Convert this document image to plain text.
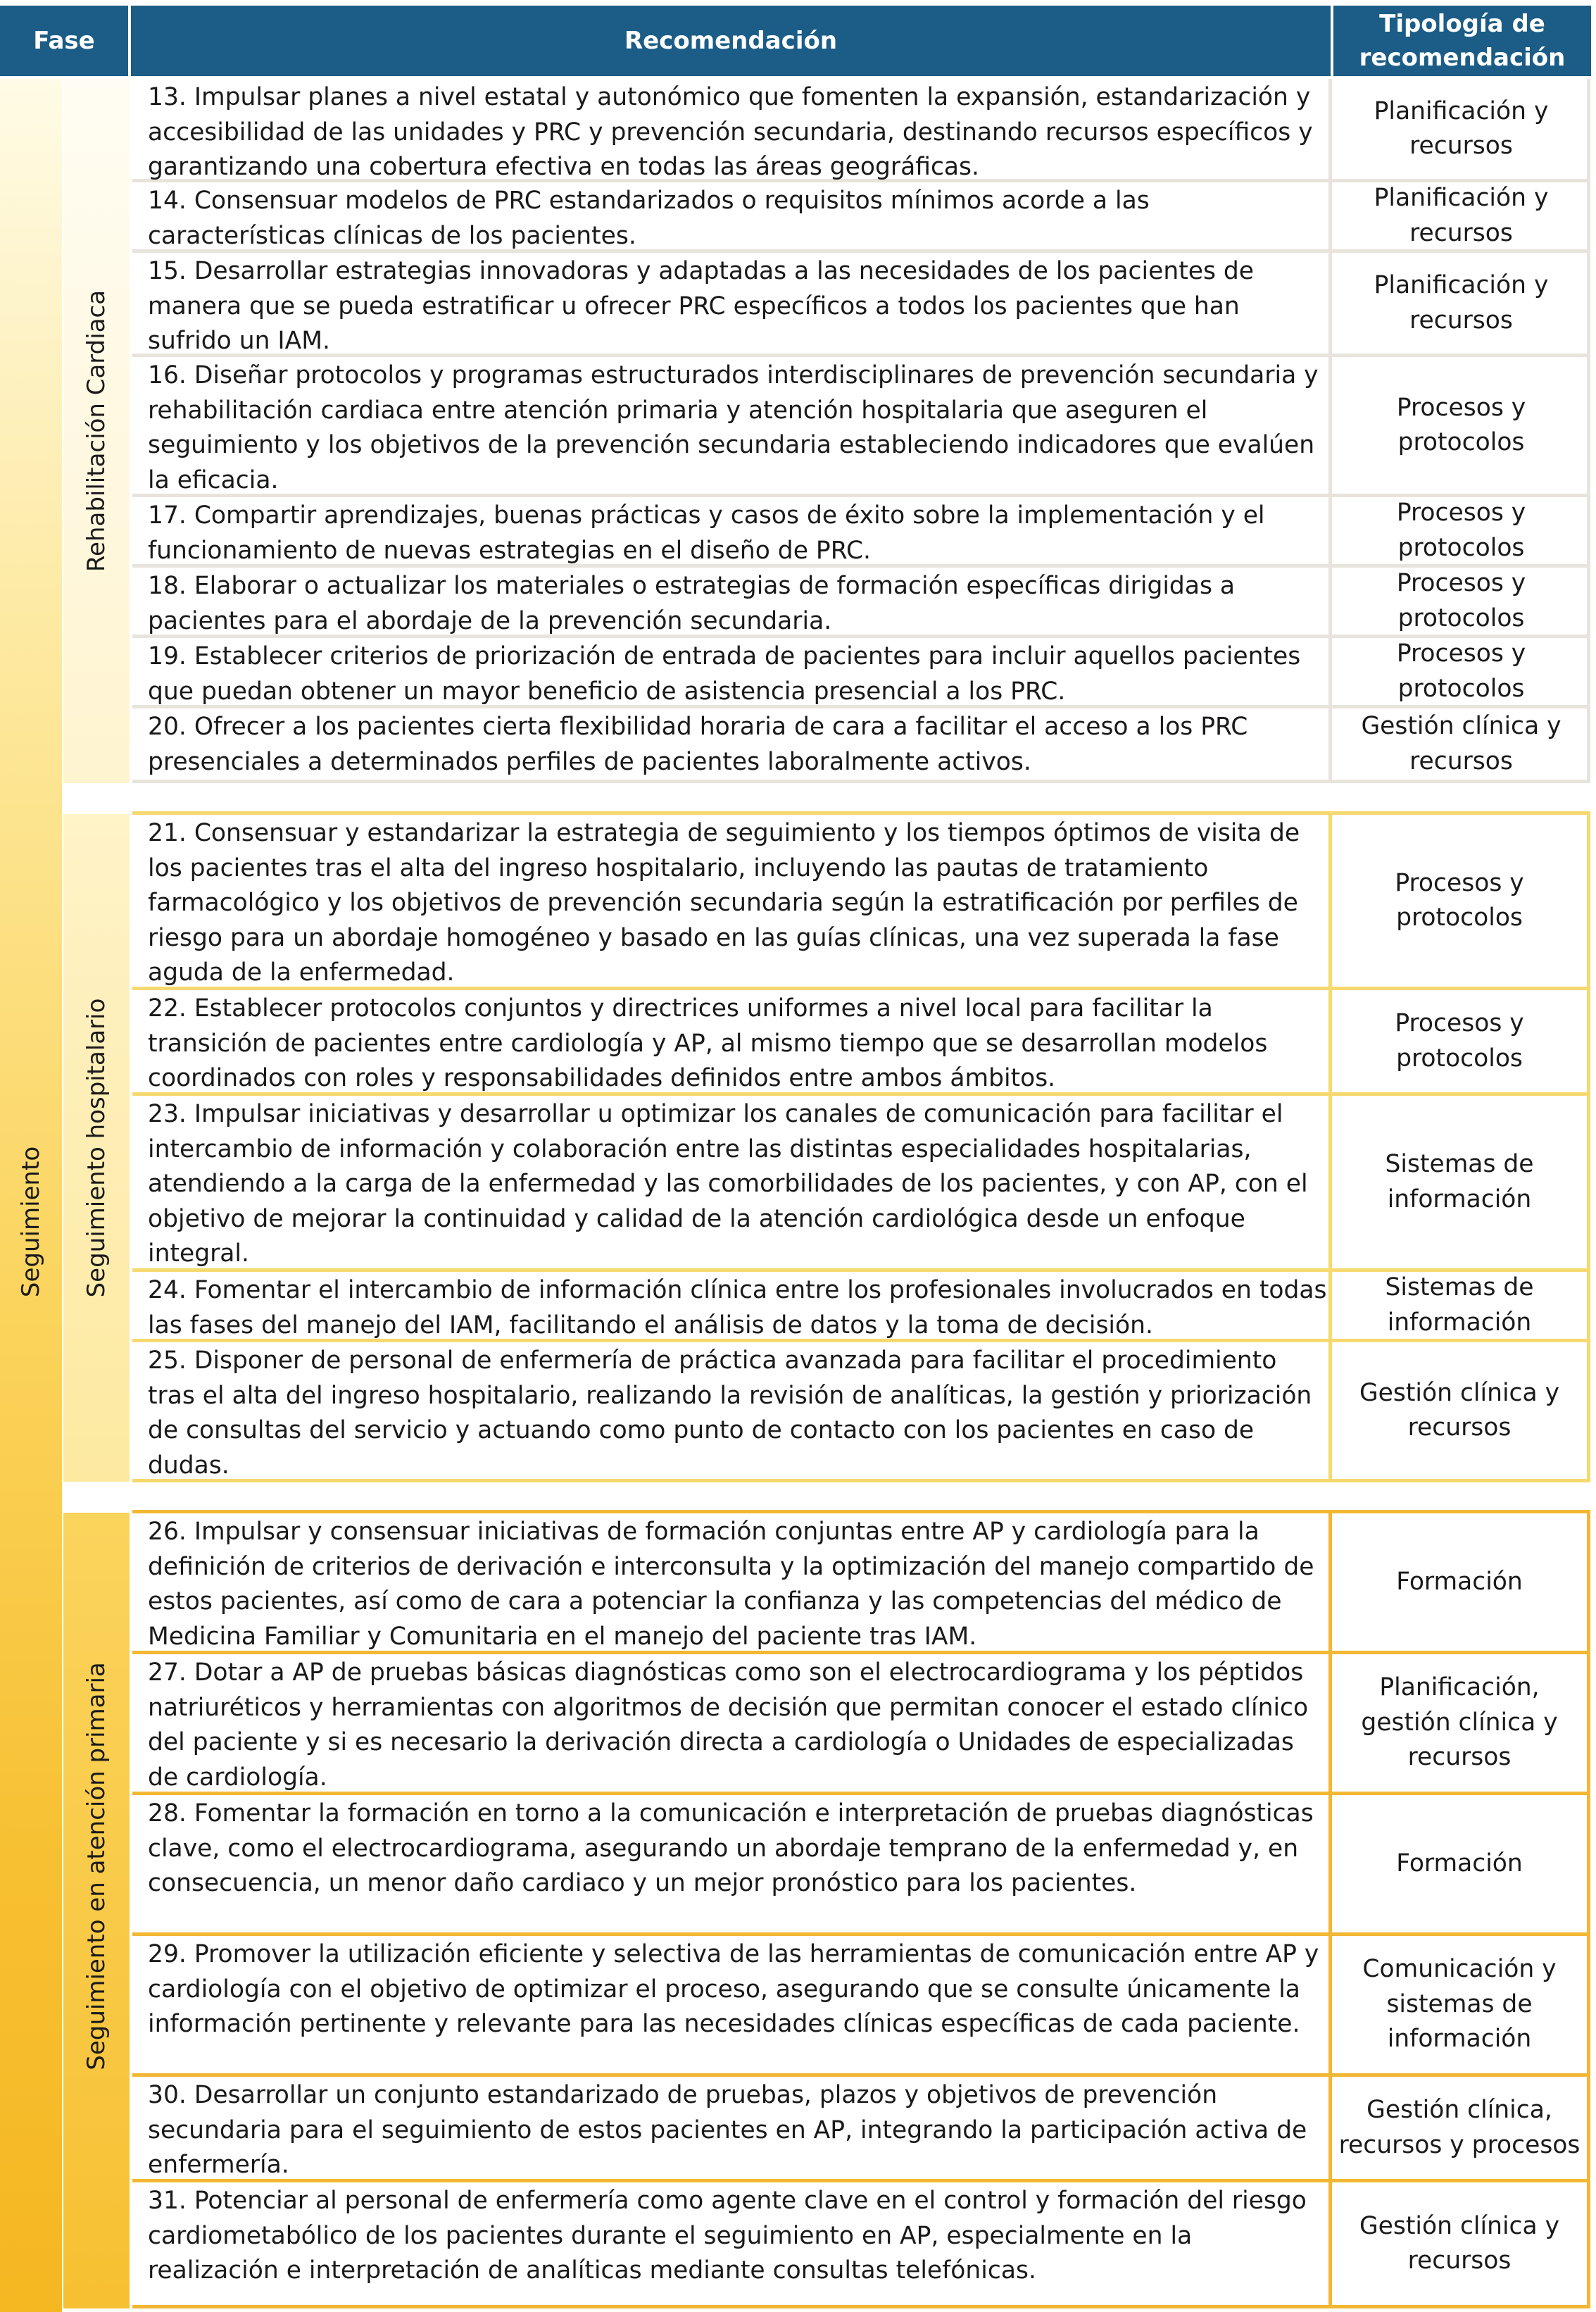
Fase	Recomendación
Tipología de recomendación
Seguimiento
Rehabilitación Cardiaca
Seguimiento hospitalario
Seguimiento en atención primaria
13. Impulsar planes a nivel estatal y autonómico que fomenten la expansión, estandarización y accesibilidad de las unidades y PRC y prevención secundaria, destinando recursos específicos y garantizando una cobertura efectiva en todas las áreas geográficas.
Planificación y recursos
14. Consensuar modelos de PRC estandarizados o requisitos mínimos acorde a las características clínicas de los pacientes.
Planificación y recursos
15. Desarrollar estrategias innovadoras y adaptadas a las necesidades de los pacientes de manera que se pueda estratificar u ofrecer PRC específicos a todos los pacientes que han sufrido un IAM.
Planificación y recursos
16. Diseñar protocolos y programas estructurados interdisciplinares de prevención secundaria y rehabilitación cardiaca entre atención primaria y atención hospitalaria que aseguren el seguimiento y los objetivos de la prevención secundaria estableciendo indicadores que evalúen la eficacia.
Procesos y protocolos
17. Compartir aprendizajes, buenas prácticas y casos de éxito sobre la implementación y el funcionamiento de nuevas estrategias en el diseño de PRC.
Procesos y protocolos
18. Elaborar o actualizar los materiales o estrategias de formación específicas dirigidas a pacientes para el abordaje de la prevención secundaria.
Procesos y protocolos
19. Establecer criterios de priorización de entrada de pacientes para incluir aquellos pacientes que puedan obtener un mayor beneficio de asistencia presencial a los PRC.
Procesos y protocolos
20. Ofrecer a los pacientes cierta flexibilidad horaria de cara a facilitar el acceso a los PRC presenciales a determinados perfiles de pacientes laboralmente activos.
Gestión clínica y recursos
21. Consensuar y estandarizar la estrategia de seguimiento y los tiempos óptimos de visita de los pacientes tras el alta del ingreso hospitalario, incluyendo las pautas de tratamiento farmacológico y los objetivos de prevención secundaria según la estratificación por perfiles de riesgo para un abordaje homogéneo y basado en las guías clínicas, una vez superada la fase aguda de la enfermedad.
Procesos y protocolos
22. Establecer protocolos conjuntos y directrices uniformes a nivel local para facilitar la transición de pacientes entre cardiología y AP, al mismo tiempo que se desarrollan modelos coordinados con roles y responsabilidades definidos entre ambos ámbitos.
Procesos y protocolos
23. Impulsar iniciativas y desarrollar u optimizar los canales de comunicación para facilitar el intercambio de información y colaboración entre las distintas especialidades hospitalarias, atendiendo a la carga de la enfermedad y las comorbilidades de los pacientes, y con AP, con el objetivo de mejorar la continuidad y calidad de la atención cardiológica desde un enfoque integral.
Sistemas de información
24. Fomentar el intercambio de información clínica entre los profesionales involucrados en todas las fases del manejo del IAM, facilitando el análisis de datos y la toma de decisión.
Sistemas de información
25. Disponer de personal de enfermería de práctica avanzada para facilitar el procedimiento tras el alta del ingreso hospitalario, realizando la revisión de analíticas, la gestión y priorización de consultas del servicio y actuando como punto de contacto con los pacientes en caso de dudas.
Gestión clínica y recursos
26. Impulsar y consensuar iniciativas de formación conjuntas entre AP y cardiología para la definición de criterios de derivación e interconsulta y la optimización del manejo compartido de estos pacientes, así como de cara a potenciar la confianza y las competencias del médico de Medicina Familiar y Comunitaria en el manejo del paciente tras IAM.
Formación
27. Dotar a AP de pruebas básicas diagnósticas como son el electrocardiograma y los péptidos natriuréticos y herramientas con algoritmos de decisión que permitan conocer el estado clínico del paciente y si es necesario la derivación directa a cardiología o Unidades de especializadas de cardiología.
Planificación, gestión clínica y recursos
28. Fomentar la formación en torno a la comunicación e interpretación de pruebas diagnósticas clave, como el electrocardiograma, asegurando un abordaje temprano de la enfermedad y, en consecuencia, un menor daño cardiaco y un mejor pronóstico para los pacientes.
Formación
29. Promover la utilización eficiente y selectiva de las herramientas de comunicación entre AP y cardiología con el objetivo de optimizar el proceso, asegurando que se consulte únicamente la información pertinente y relevante para las necesidades clínicas específicas de cada paciente.
Comunicación y sistemas de información
30. Desarrollar un conjunto estandarizado de pruebas, plazos y objetivos de prevención secundaria para el seguimiento de estos pacientes en AP, integrando la participación activa de enfermería.
Gestión clínica, recursos y procesos
31. Potenciar al personal de enfermería como agente clave en el control y formación del riesgo cardiometabólico de los pacientes durante el seguimiento en AP, especialmente en la realización e interpretación de analíticas mediante consultas telefónicas.
Gestión clínica y recursos
